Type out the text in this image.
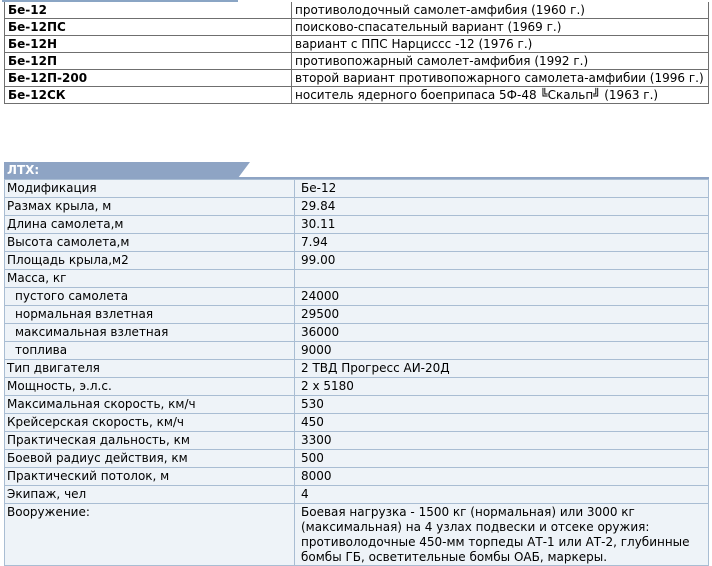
Бе-12	противолодочный самолет-амфибия (1960 г.)
Бе-12ПС	поисково-спасательный вариант (1969 г.)
Бе-12Н	вариант с ППС Нарциссс -12 (1976 г.)
Бе-12П	противопожарный самолет-амфибия (1992 г.)
Бе-12П-200	второй вариант противопожарного самолета-амфибии (1996 г.)
Бе-12СК	носитель ядерного боеприпаса 5Ф-48 ╚Скальп╝ (1963 г.)
ЛТХ:
Модификация	Бе-12
Размах крыла, м	29.84
Длина самолета,м	30.11
Высота самолета,м	7.94
Площадь крыла,м2	99.00
Масса, кг	
пустого самолета	24000
нормальная взлетная	29500
максимальная взлетная	36000
топлива	9000
Тип двигателя	2 ТВД Прогресс АИ-20Д
Мощность, э.л.с.	2 х 5180
Максимальная скорость, км/ч	530
Крейсерская скорость, км/ч	450
Практическая дальность, км	3300
Боевой радиус действия, км	500
Практический потолок, м	8000
Экипаж, чел	4
Вооружение:	Боевая нагрузка - 1500 кг (нормальная) или 3000 кг (максимальная) на 4 узлах подвески и отсеке оружия: противолодочные 450-мм торпеды АТ-1 или АТ-2, глубинные бомбы ГБ, осветительные бомбы ОАБ, маркеры.
